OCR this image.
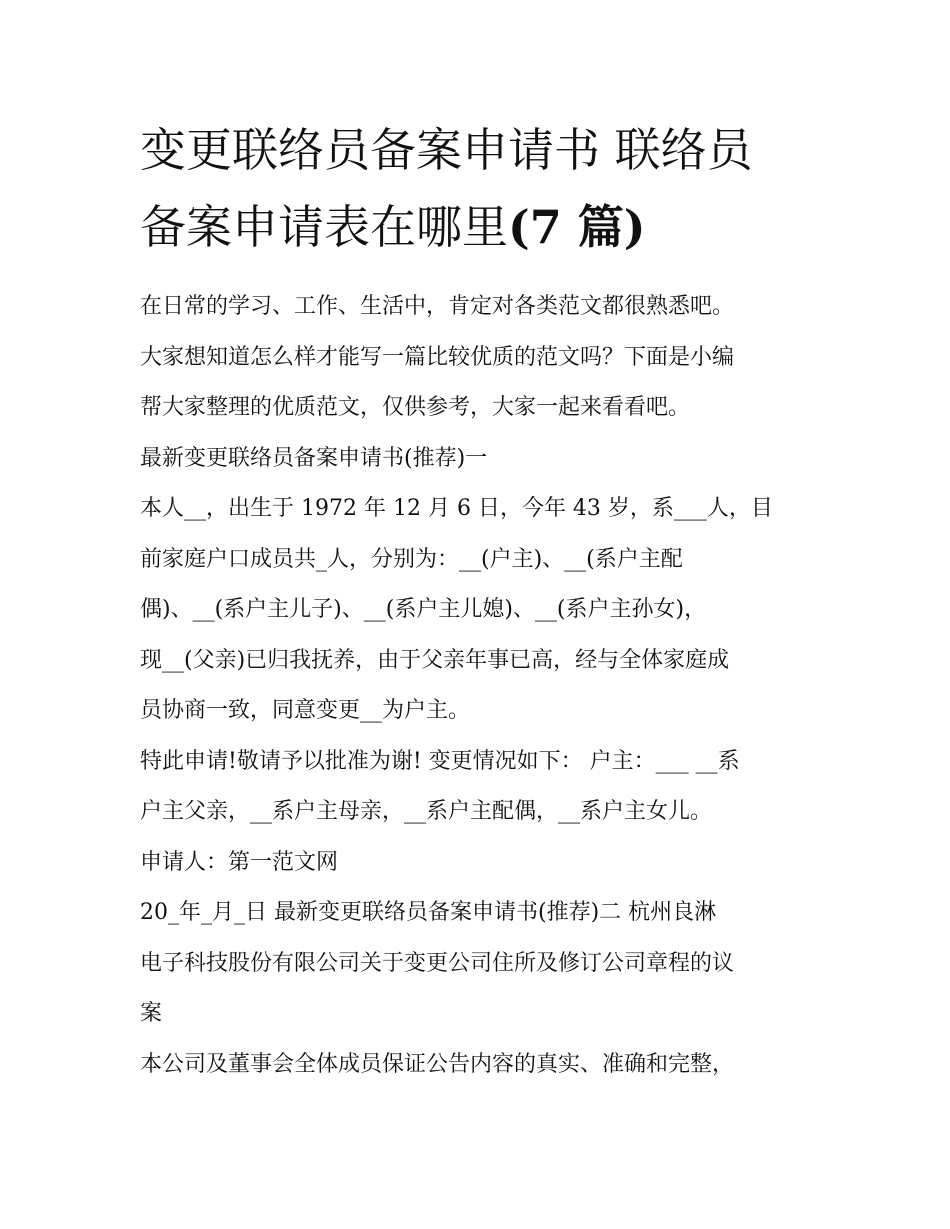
变更联络员备案申请书 联络员
备案申请表在哪里(7 篇)

在日常的学习、工作、生活中，肯定对各类范文都很熟悉吧。

大家想知道怎么样才能写一篇比较优质的范文吗？下面是小编

帮大家整理的优质范文，仅供参考，大家一起来看看吧。

最新变更联络员备案申请书(推荐)一

本人__，出生于 1972 年 12 月 6 日，今年 43 岁，系___人，目

前家庭户口成员共_人，分别为：__(户主)、__(系户主配

偶)、__(系户主儿子)、__(系户主儿媳)、__(系户主孙女)，

现__(父亲)已归我抚养，由于父亲年事已高，经与全体家庭成

员协商一致，同意变更__为户主。

特此申请!敬请予以批准为谢! 变更情况如下： 户主：___ __系

户主父亲，__系户主母亲，__系户主配偶，__系户主女儿。

申请人：第一范文网

20_年_月_日 最新变更联络员备案申请书(推荐)二 杭州良淋

电子科技股份有限公司关于变更公司住所及修订公司章程的议

案

本公司及董事会全体成员保证公告内容的真实、准确和完整，
